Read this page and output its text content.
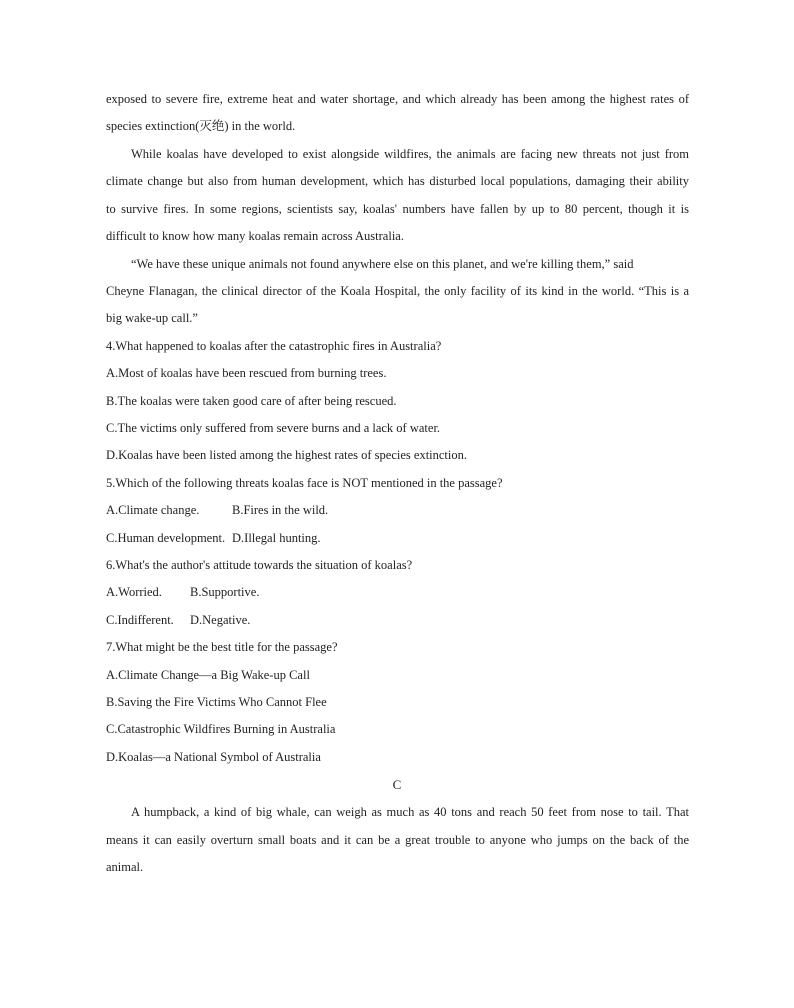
exposed to severe fire, extreme heat and water shortage, and which already has been among the highest rates of
species extinction(灭绝) in the world.
While koalas have developed to exist alongside wildfires, the animals are facing new threats not just from
climate change but also from human development, which has disturbed local populations, damaging their ability
to survive fires. In some regions, scientists say, koalas' numbers have fallen by up to 80 percent, though it is
difficult to know how many koalas remain across Australia.
“We have these unique animals not found anywhere else on this planet, and we're killing them,” said
Cheyne Flanagan, the clinical director of the Koala Hospital, the only facility of its kind in the world. “This is a
big wake-up call.”
4.What happened to koalas after the catastrophic fires in Australia?
A.Most of koalas have been rescued from burning trees.
B.The koalas were taken good care of after being rescued.
C.The victims only suffered from severe burns and a lack of water.
D.Koalas have been listed among the highest rates of species extinction.
5.Which of the following threats koalas face is NOT mentioned in the passage?
A.Climate change.	B.Fires in the wild.
C.Human development. D.Illegal hunting.
6.What's the author's attitude towards the situation of koalas?
A.Worried. B.Supportive.
C.Indifferent. D.Negative.
7.What might be the best title for the passage?
A.Climate Change—a Big Wake-up Call
B.Saving the Fire Victims Who Cannot Flee
C.Catastrophic Wildfires Burning in Australia
D.Koalas—a National Symbol of Australia
C
A humpback, a kind of big whale, can weigh as much as 40 tons and reach 50 feet from nose to tail. That
means it can easily overturn small boats and it can be a great trouble to anyone who jumps on the back of the
animal.
